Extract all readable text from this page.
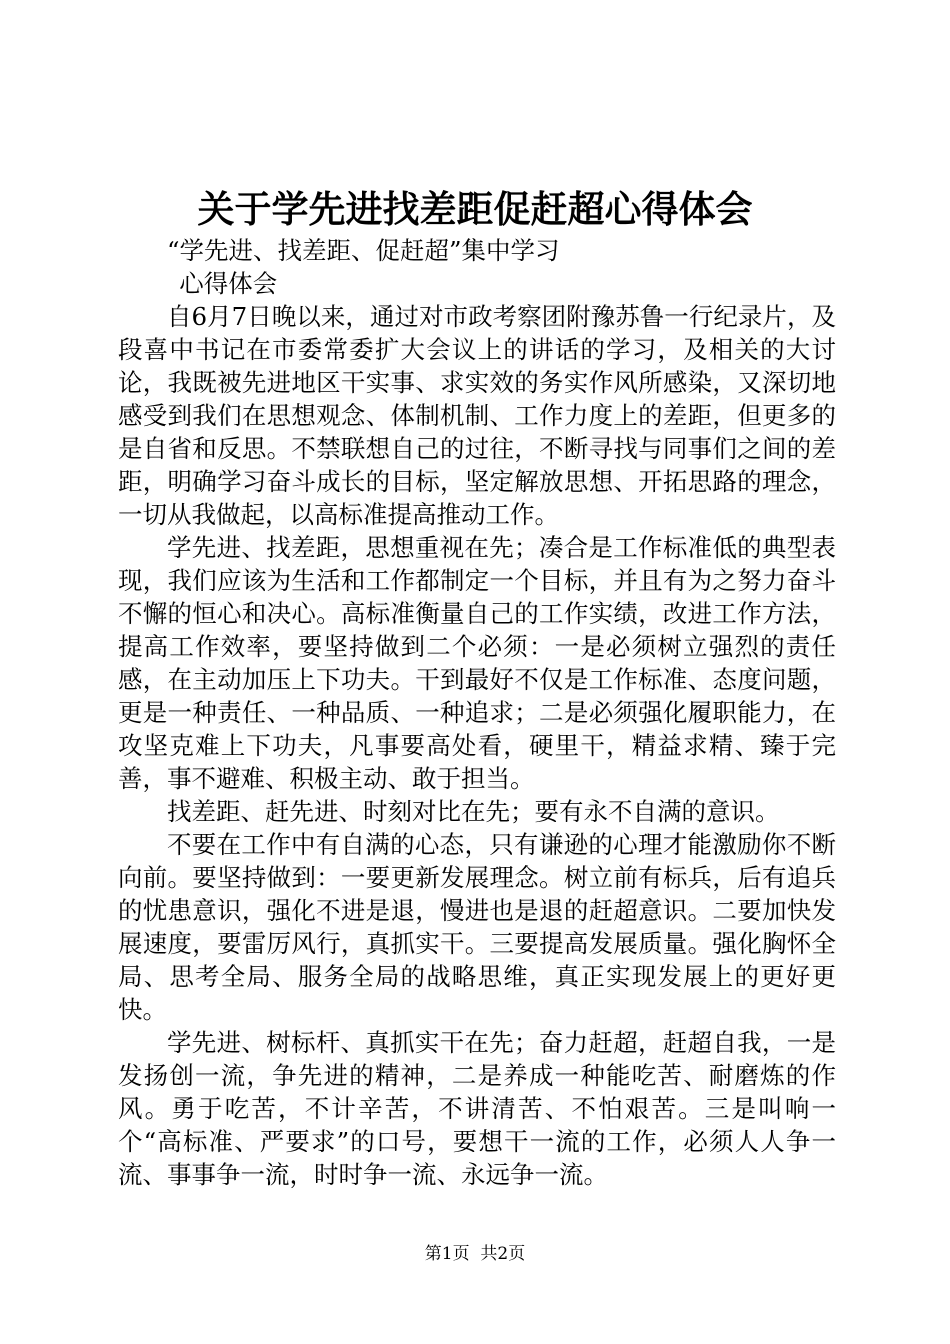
关于学先进找差距促赶超心得体会

“学先进、找差距、促赶超”集中学习

心得体会

自6月7日晚以来，通过对市政考察团附豫苏鲁一行纪录片，及段喜中书记在市委常委扩大会议上的讲话的学习，及相关的大讨论，我既被先进地区干实事、求实效的务实作风所感染，又深切地感受到我们在思想观念、体制机制、工作力度上的差距，但更多的是自省和反思。不禁联想自己的过往，不断寻找与同事们之间的差距，明确学习奋斗成长的目标，坚定解放思想、开拓思路的理念，一切从我做起，以高标准提高推动工作。

学先进、找差距，思想重视在先；凑合是工作标准低的典型表现，我们应该为生活和工作都制定一个目标，并且有为之努力奋斗不懈的恒心和决心。高标准衡量自己的工作实绩，改进工作方法，提高工作效率，要坚持做到二个必须：一是必须树立强烈的责任感，在主动加压上下功夫。干到最好不仅是工作标准、态度问题，更是一种责任、一种品质、一种追求；二是必须强化履职能力，在攻坚克难上下功夫，凡事要高处看，硬里干，精益求精、臻于完善，事不避难、积极主动、敢于担当。

找差距、赶先进、时刻对比在先；要有永不自满的意识。

不要在工作中有自满的心态，只有谦逊的心理才能激励你不断向前。要坚持做到：一要更新发展理念。树立前有标兵，后有追兵的忧患意识，强化不进是退，慢进也是退的赶超意识。二要加快发展速度，要雷厉风行，真抓实干。三要提高发展质量。强化胸怀全局、思考全局、服务全局的战略思维，真正实现发展上的更好更快。

学先进、树标杆、真抓实干在先；奋力赶超，赶超自我，一是发扬创一流，争先进的精神，二是养成一种能吃苦、耐磨炼的作风。勇于吃苦，不计辛苦，不讲清苦、不怕艰苦。三是叫响一个“高标准、严要求”的口号，要想干一流的工作，必须人人争一流、事事争一流，时时争一流、永远争一流。

第1页  共2页
